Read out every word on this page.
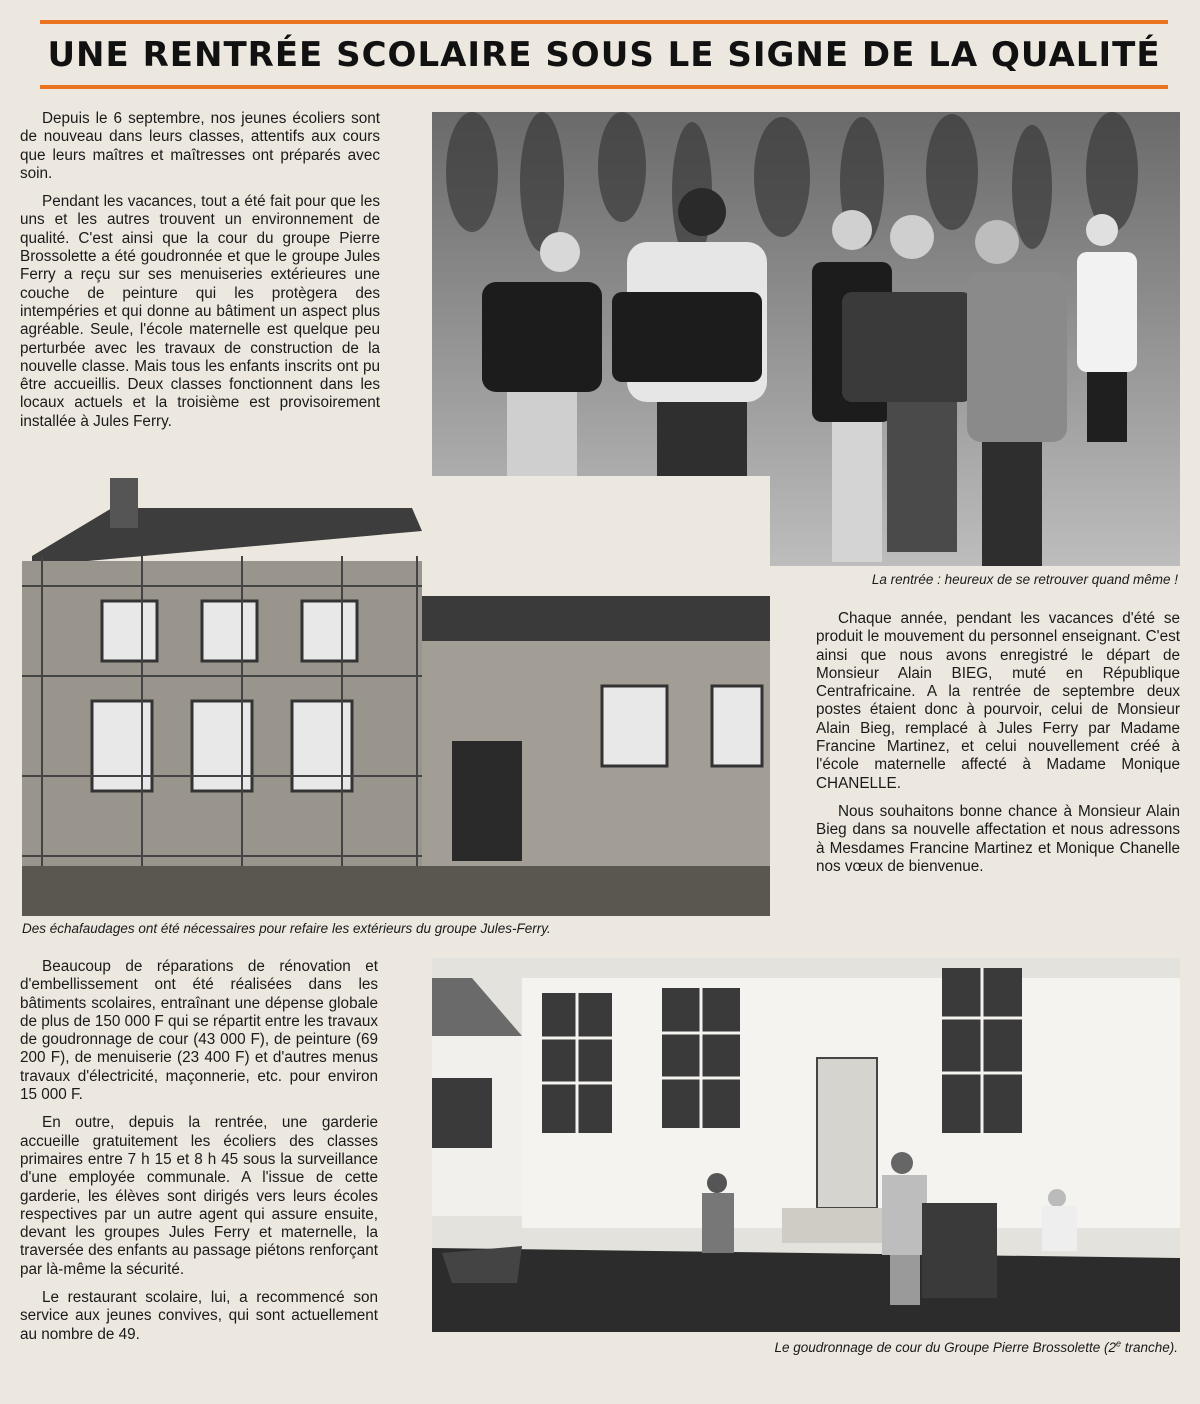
UNE RENTRÉE SCOLAIRE SOUS LE SIGNE DE LA QUALITÉ

Depuis le 6 septembre, nos jeunes écoliers sont de nouveau dans leurs classes, attentifs aux cours que leurs maîtres et maîtresses ont préparés avec soin.

Pendant les vacances, tout a été fait pour que les uns et les autres trouvent un environnement de qualité. C'est ainsi que la cour du groupe Pierre Brossolette a été goudronnée et que le groupe Jules Ferry a reçu sur ses menuiseries extérieures une couche de peinture qui les protègera des intempéries et qui donne au bâtiment un aspect plus agréable. Seule, l'école maternelle est quelque peu perturbée avec les travaux de construction de la nouvelle classe. Mais tous les enfants inscrits ont pu être accueillis. Deux classes fonctionnent dans les locaux actuels et la troisième est provisoirement installée à Jules Ferry.

La rentrée : heureux de se retrouver quand même !
Des échafaudages ont été nécessaires pour refaire les extérieurs du groupe Jules-Ferry.

Chaque année, pendant les vacances d'été se produit le mouvement du personnel enseignant. C'est ainsi que nous avons enregistré le départ de Monsieur Alain BIEG, muté en République Centrafricaine. A la rentrée de septembre deux postes étaient donc à pourvoir, celui de Monsieur Alain Bieg, remplacé à Jules Ferry par Madame Francine Martinez, et celui nouvellement créé à l'école maternelle affecté à Madame Monique CHANELLE.

Nous souhaitons bonne chance à Monsieur Alain Bieg dans sa nouvelle affectation et nous adressons à Mesdames Francine Martinez et Monique Chanelle nos vœux de bienvenue.

Beaucoup de réparations de rénovation et d'embellissement ont été réalisées dans les bâtiments scolaires, entraînant une dépense globale de plus de 150 000 F qui se répartit entre les travaux de goudronnage de cour (43 000 F), de peinture (69 200 F), de menuiserie (23 400 F) et d'autres menus travaux d'électricité, maçonnerie, etc. pour environ 15 000 F.

En outre, depuis la rentrée, une garderie accueille gratuitement les écoliers des classes primaires entre 7 h 15 et 8 h 45 sous la surveillance d'une employée communale. A l'issue de cette garderie, les élèves sont dirigés vers leurs écoles respectives par un autre agent qui assure ensuite, devant les groupes Jules Ferry et maternelle, la traversée des enfants au passage piétons renforçant par là-même la sécurité.

Le restaurant scolaire, lui, a recommencé son service aux jeunes convives, qui sont actuellement au nombre de 49.

Le goudronnage de cour du Groupe Pierre Brossolette (2e tranche).
